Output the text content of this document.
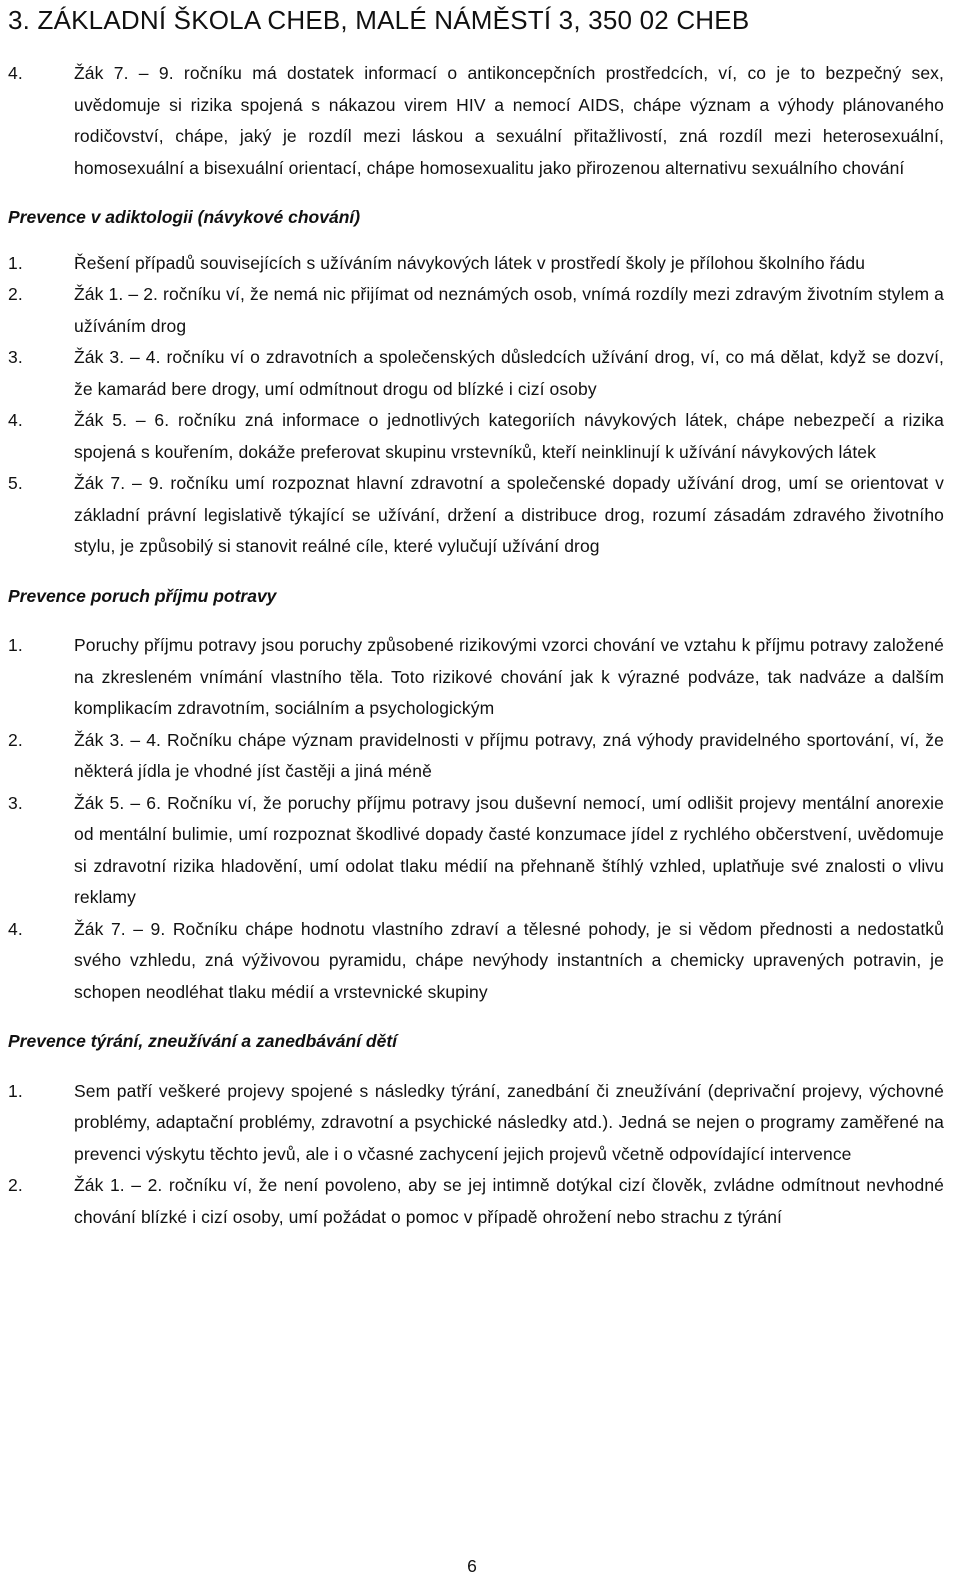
3. ZÁKLADNÍ ŠKOLA CHEB, MALÉ NÁMĚSTÍ 3, 350 02 CHEB

4.	Žák 7. – 9. ročníku má dostatek informací o antikoncepčních prostředcích, ví, co je to bezpečný sex, uvědomuje si rizika spojená s nákazou virem HIV a nemocí AIDS, chápe význam a výhody plánovaného rodičovství, chápe, jaký je rozdíl mezi láskou a sexuální přitažlivostí, zná rozdíl mezi heterosexuální, homosexuální a bisexuální orientací, chápe homosexualitu jako přirozenou alternativu sexuálního chování

Prevence v adiktologii (návykové chování)

1.	Řešení případů souvisejících s užíváním návykových látek v prostředí školy je přílohou školního řádu

2.	Žák 1. – 2. ročníku ví, že nemá nic přijímat od neznámých osob, vnímá rozdíly mezi zdravým životním stylem a užíváním drog

3.	Žák 3. – 4. ročníku ví o zdravotních a společenských důsledcích užívání drog, ví, co má dělat, když se dozví, že kamarád bere drogy, umí odmítnout drogu od blízké i cizí osoby

4.	Žák 5. – 6. ročníku zná informace o jednotlivých kategoriích návykových látek, chápe nebezpečí a rizika spojená s kouřením, dokáže preferovat skupinu vrstevníků, kteří neinklinují k užívání návykových látek

5.	Žák 7. – 9. ročníku umí rozpoznat hlavní zdravotní a společenské dopady užívání drog, umí se orientovat v základní právní legislativě týkající se užívání, držení a distribuce drog, rozumí zásadám zdravého životního stylu, je způsobilý si stanovit reálné cíle, které vylučují užívání drog

Prevence poruch příjmu potravy

1.	Poruchy příjmu potravy jsou poruchy způsobené rizikovými vzorci chování ve vztahu k příjmu potravy založené na zkresleném vnímání vlastního těla. Toto rizikové chování jak k výrazné podváze, tak nadváze a dalším komplikacím zdravotním, sociálním a psychologickým

2.	Žák 3. – 4. Ročníku chápe význam pravidelnosti v příjmu potravy, zná výhody pravidelného sportování, ví, že některá jídla je vhodné jíst častěji a jiná méně

3.	Žák 5. – 6. Ročníku ví, že poruchy příjmu potravy jsou duševní nemocí, umí odlišit projevy mentální anorexie od mentální bulimie, umí rozpoznat škodlivé dopady časté konzumace jídel z rychlého občerstvení, uvědomuje si zdravotní rizika hladovění, umí odolat tlaku médií na přehnaně štíhlý vzhled, uplatňuje své znalosti o vlivu reklamy

4.	Žák 7. – 9. Ročníku chápe hodnotu vlastního zdraví a tělesné pohody, je si vědom přednosti a nedostatků svého vzhledu, zná výživovou pyramidu, chápe nevýhody instantních a chemicky upravených potravin, je schopen neodléhat tlaku médií a vrstevnické skupiny

Prevence týrání, zneužívání a zanedbávání dětí

1.	Sem patří veškeré projevy spojené s následky týrání, zanedbání či zneužívání (deprivační projevy, výchovné problémy, adaptační problémy, zdravotní a psychické následky atd.). Jedná se nejen o programy zaměřené na prevenci výskytu těchto jevů, ale i o včasné zachycení jejich projevů včetně odpovídající intervence

2.	Žák 1. – 2. ročníku ví, že není povoleno, aby se jej intimně dotýkal cizí člověk, zvládne odmítnout nevhodné chování blízké i cizí osoby, umí požádat o pomoc v případě ohrožení nebo strachu z týrání

6
